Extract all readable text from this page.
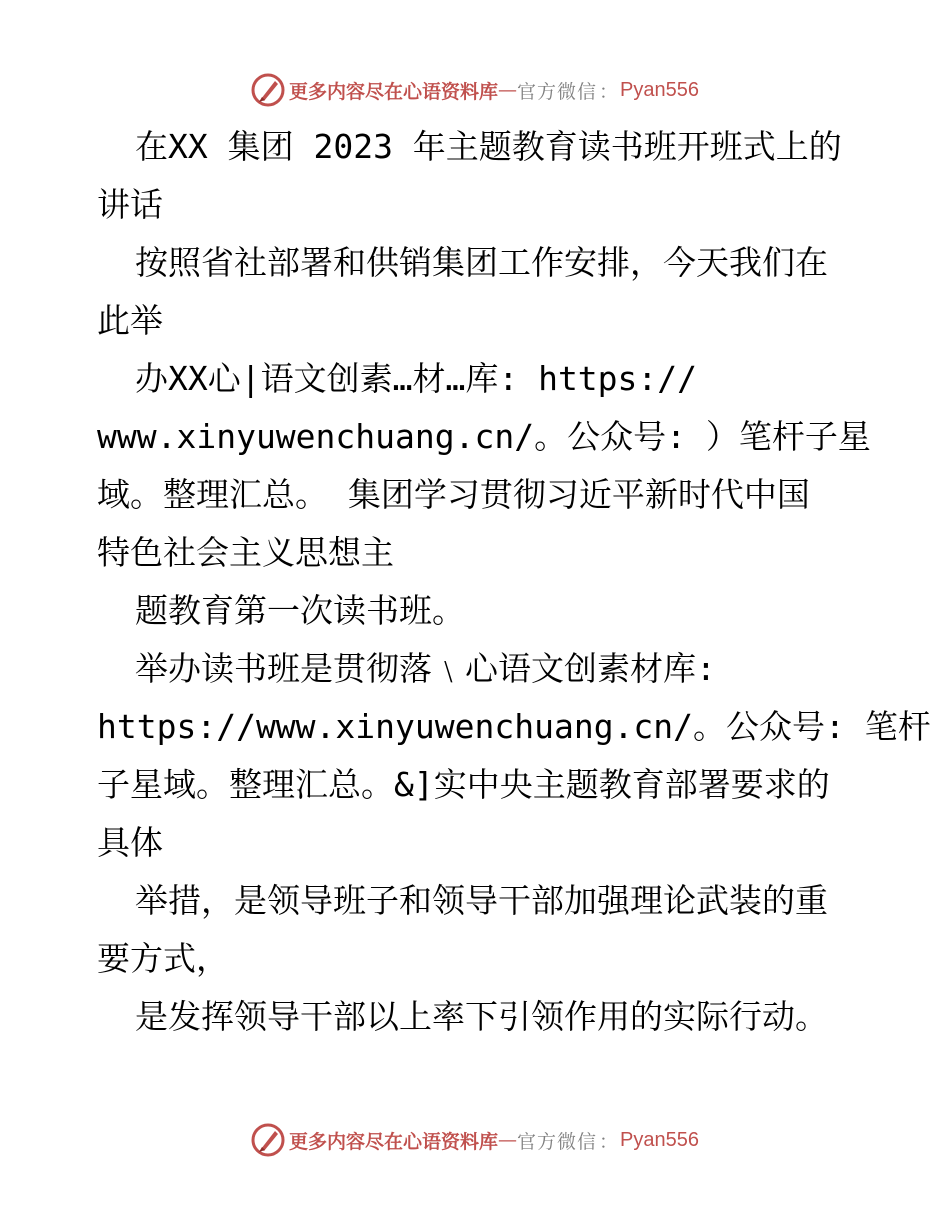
更多内容尽在心语资料库 — 官方微信 ： Pyan556
在XX 集团 2023 年主题教育读书班开班式上的
讲话
按照省社部署和供销集团工作安排，今天我们在
此举
办XX心|语文创素…材…库: https://
www.xinyuwenchuang.cn/。公众号: ）笔杆子星
域。整理汇总。 集团学习贯彻习近平新时代中国
特色社会主义思想主
题教育第一次读书班。
举办读书班是贯彻落﹨心语文创素材库:
https://www.xinyuwenchuang.cn/。公众号: 笔杆
子星域。整理汇总。&]实中央主题教育部署要求的
具体
举措，是领导班子和领导干部加强理论武装的重
要方式，
是发挥领导干部以上率下引领作用的实际行动。
更多内容尽在心语资料库 — 官方微信 ： Pyan556
